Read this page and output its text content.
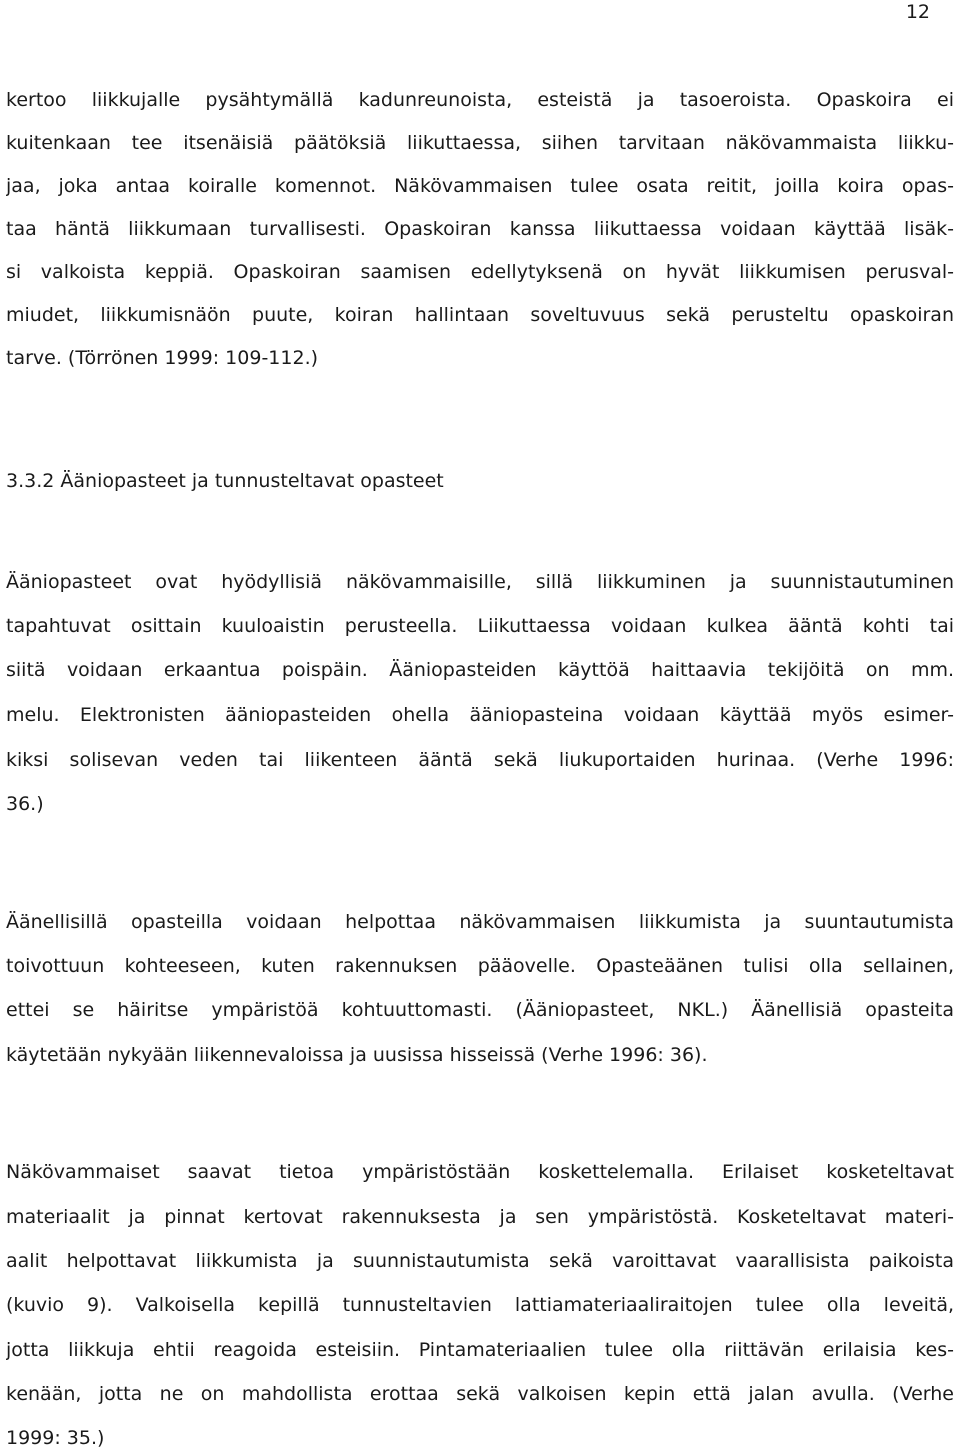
12
kertoo liikkujalle pysähtymällä kadunreunoista, esteistä ja tasoeroista. Opaskoira ei
kuitenkaan tee itsenäisiä päätöksiä liikuttaessa, siihen tarvitaan näkövammaista liikku-
jaa, joka antaa koiralle komennot. Näkövammaisen tulee osata reitit, joilla koira opas-
taa häntä liikkumaan turvallisesti. Opaskoiran kanssa liikuttaessa voidaan käyttää lisäk-
si valkoista keppiä. Opaskoiran saamisen edellytyksenä on hyvät liikkumisen perusval-
miudet, liikkumisnäön puute, koiran hallintaan soveltuvuus sekä perusteltu opaskoiran
tarve. (Törrönen 1999: 109-112.)
3.3.2 Ääniopasteet ja tunnusteltavat opasteet
Ääniopasteet ovat hyödyllisiä näkövammaisille, sillä liikkuminen ja suunnistautuminen
tapahtuvat osittain kuuloaistin perusteella. Liikuttaessa voidaan kulkea ääntä kohti tai
siitä voidaan erkaantua poispäin. Ääniopasteiden käyttöä haittaavia tekijöitä on mm.
melu. Elektronisten ääniopasteiden ohella ääniopasteina voidaan käyttää myös esimer-
kiksi solisevan veden tai liikenteen ääntä sekä liukuportaiden hurinaa. (Verhe 1996:
36.)
Äänellisillä opasteilla voidaan helpottaa näkövammaisen liikkumista ja suuntautumista
toivottuun kohteeseen, kuten rakennuksen pääovelle. Opasteäänen tulisi olla sellainen,
ettei se häiritse ympäristöä kohtuuttomasti. (Ääniopasteet, NKL.) Äänellisiä opasteita
käytetään nykyään liikennevaloissa ja uusissa hisseissä (Verhe 1996: 36).
Näkövammaiset saavat tietoa ympäristöstään koskettelemalla. Erilaiset kosketeltavat
materiaalit ja pinnat kertovat rakennuksesta ja sen ympäristöstä. Kosketeltavat materi-
aalit helpottavat liikkumista ja suunnistautumista sekä varoittavat vaarallisista paikoista
(kuvio 9). Valkoisella kepillä tunnusteltavien lattiamateriaaliraitojen tulee olla leveitä,
jotta liikkuja ehtii reagoida esteisiin. Pintamateriaalien tulee olla riittävän erilaisia kes-
kenään, jotta ne on mahdollista erottaa sekä valkoisen kepin että jalan avulla. (Verhe
1999: 35.)
